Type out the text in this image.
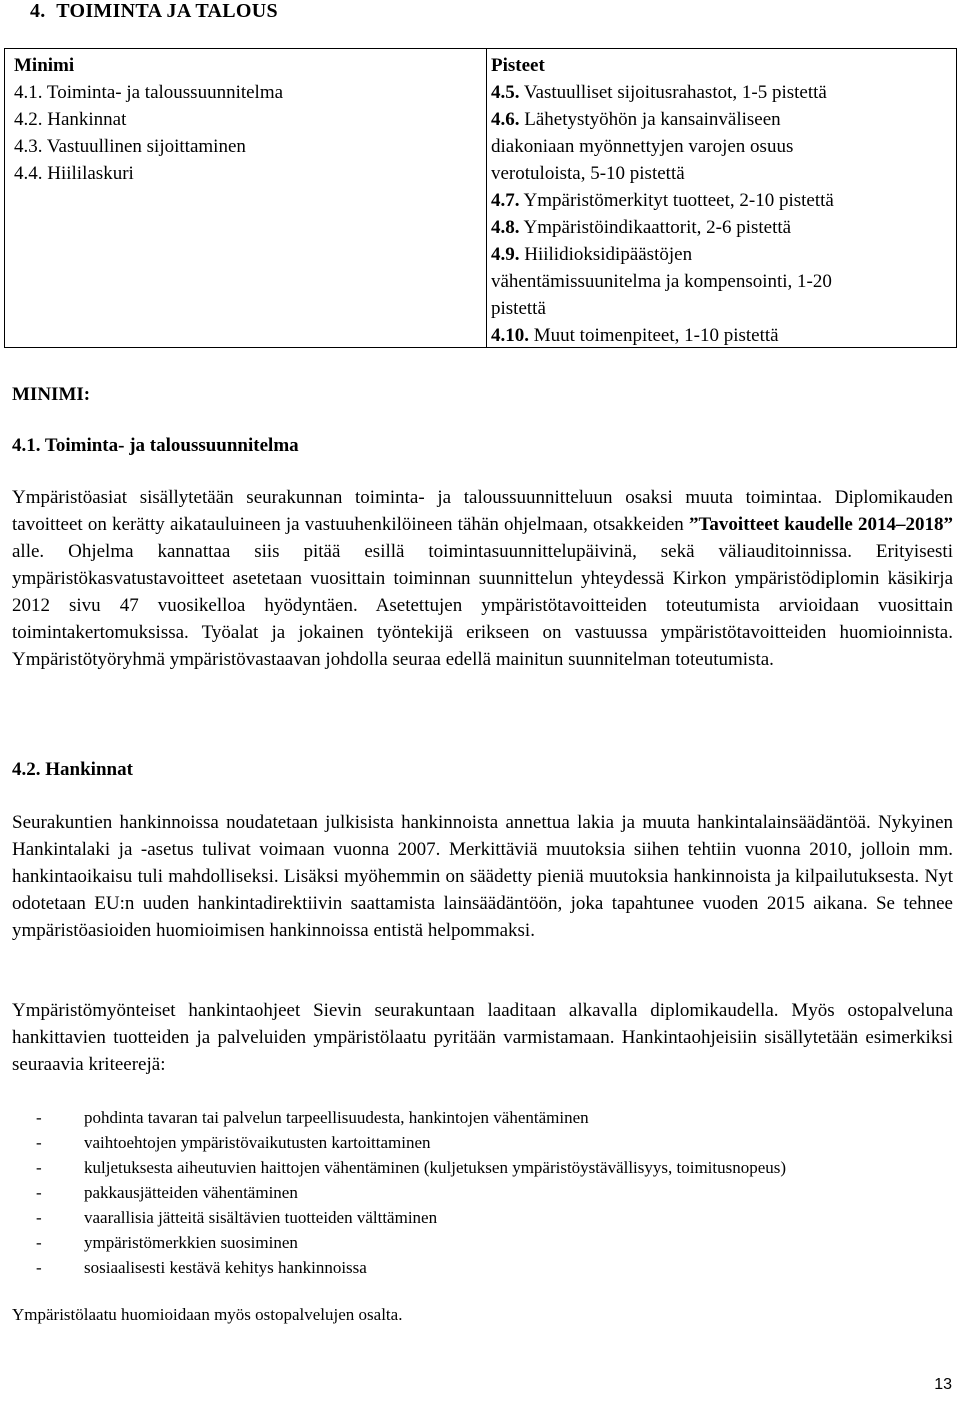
4.  TOIMINTA JA TALOUS
Minimi
4.1. Toiminta- ja taloussuunnitelma
4.2. Hankinnat
4.3. Vastuullinen sijoittaminen
4.4. Hiililaskuri
Pisteet
4.5. Vastuulliset sijoitusrahastot, 1-5 pistettä
4.6. Lähetystyöhön ja kansainväliseen
diakoniaan myönnettyjen varojen osuus
verotuloista, 5-10 pistettä
4.7. Ympäristömerkityt tuotteet, 2-10 pistettä
4.8. Ympäristöindikaattorit, 2-6 pistettä
4.9. Hiilidioksidipäästöjen
vähentämissuunitelma ja kompensointi, 1-20
pistettä
4.10. Muut toimenpiteet, 1-10 pistettä
MINIMI:
4.1. Toiminta- ja taloussuunnitelma
Ympäristöasiat sisällytetään seurakunnan toiminta- ja taloussuunnitteluun osaksi muuta toimintaa. Diplomikauden tavoitteet on kerätty aikatauluineen ja vastuuhenkilöineen tähän ohjelmaan, otsakkeiden ”Tavoitteet kaudelle 2014–2018” alle. Ohjelma kannattaa siis pitää esillä toimintasuunnittelupäivinä, sekä väliauditoinnissa. Erityisesti ympäristökasvatustavoitteet asetetaan vuosittain toiminnan suunnittelun yhteydessä Kirkon ympäristödiplomin käsikirja 2012 sivu 47 vuosikelloa hyödyntäen. Asetettujen ympäristötavoitteiden toteutumista arvioidaan vuosittain toimintakertomuksissa. Työalat ja jokainen työntekijä erikseen on vastuussa ympäristötavoitteiden huomioinnista. Ympäristötyöryhmä ympäristövastaavan johdolla seuraa edellä mainitun suunnitelman toteutumista.
4.2. Hankinnat
Seurakuntien hankinnoissa noudatetaan julkisista hankinnoista annettua lakia ja muuta hankintalainsäädäntöä. Nykyinen Hankintalaki ja -asetus tulivat voimaan vuonna 2007. Merkittäviä muutoksia siihen tehtiin vuonna 2010, jolloin mm. hankintaoikaisu tuli mahdolliseksi. Lisäksi myöhemmin on säädetty pieniä muutoksia hankinnoista ja kilpailutuksesta. Nyt odotetaan EU:n uuden hankintadirektiivin saattamista lainsäädäntöön, joka tapahtunee vuoden 2015 aikana. Se tehnee ympäristöasioiden huomioimisen hankinnoissa entistä helpommaksi.
Ympäristömyönteiset hankintaohjeet Sievin seurakuntaan laaditaan alkavalla diplomikaudella. Myös ostopalveluna hankittavien tuotteiden ja palveluiden ympäristölaatu pyritään varmistamaan. Hankintaohjeisiin sisällytetään esimerkiksi seuraavia kriteerejä:
- pohdinta tavaran tai palvelun tarpeellisuudesta, hankintojen vähentäminen
- vaihtoehtojen ympäristövaikutusten kartoittaminen
- kuljetuksesta aiheutuvien haittojen vähentäminen (kuljetuksen ympäristöystävällisyys, toimitusnopeus)
- pakkausjätteiden vähentäminen
- vaarallisia jätteitä sisältävien tuotteiden välttäminen
- ympäristömerkkien suosiminen
- sosiaalisesti kestävä kehitys hankinnoissa
Ympäristölaatu huomioidaan myös ostopalvelujen osalta.
13
